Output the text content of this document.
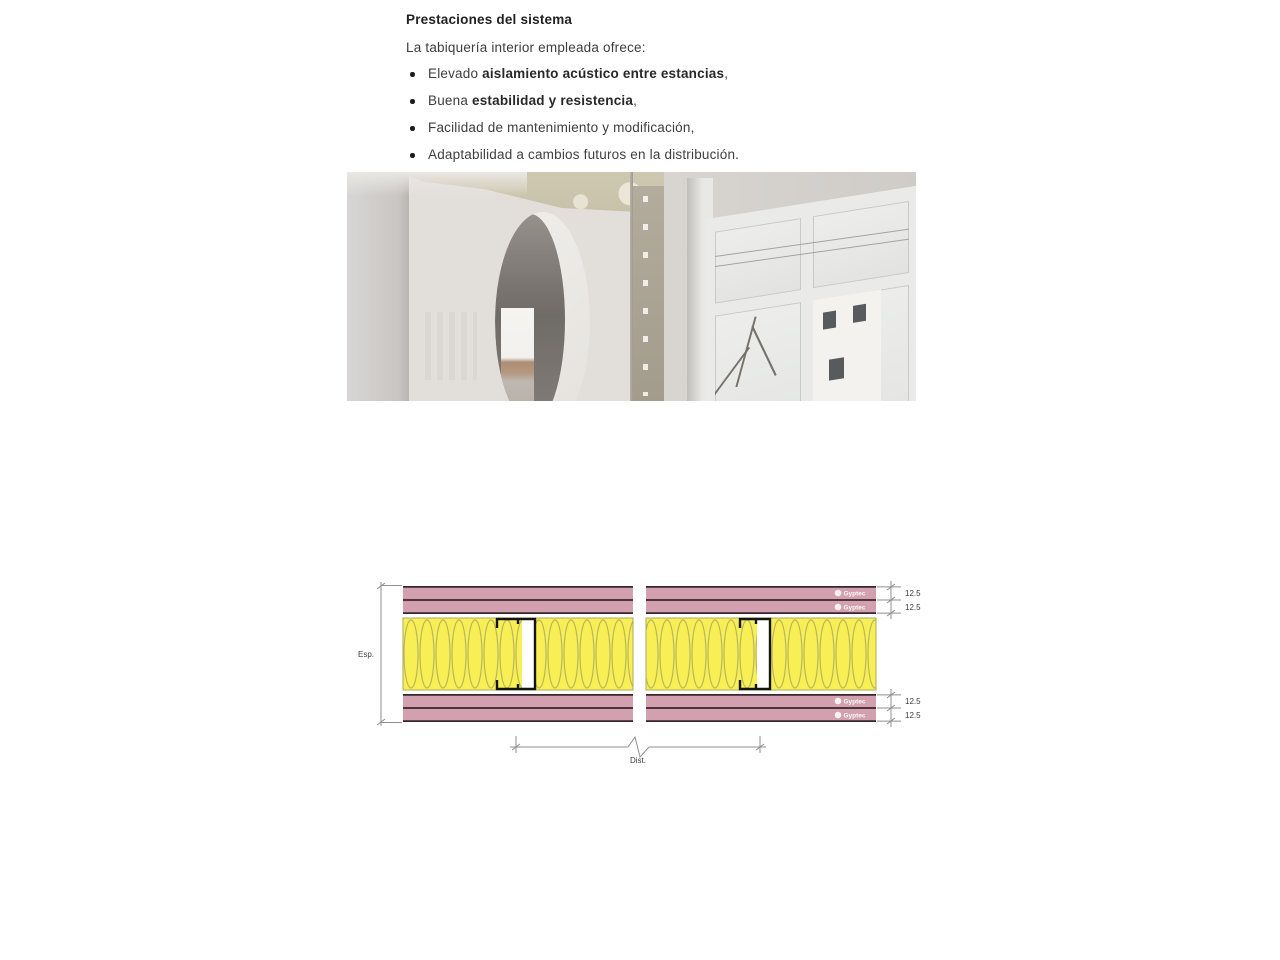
Prestaciones del sistema
La tabiquería interior empleada ofrece:
Elevado aislamiento acústico entre estancias,
Buena estabilidad y resistencia,
Facilidad de mantenimiento y modificación,
Adaptabilidad a cambios futuros en la distribución.
Gyptec
Gyptec
Gyptec
Gyptec
Esp.
12.5
12.5
12.5
12.5
Dist.
